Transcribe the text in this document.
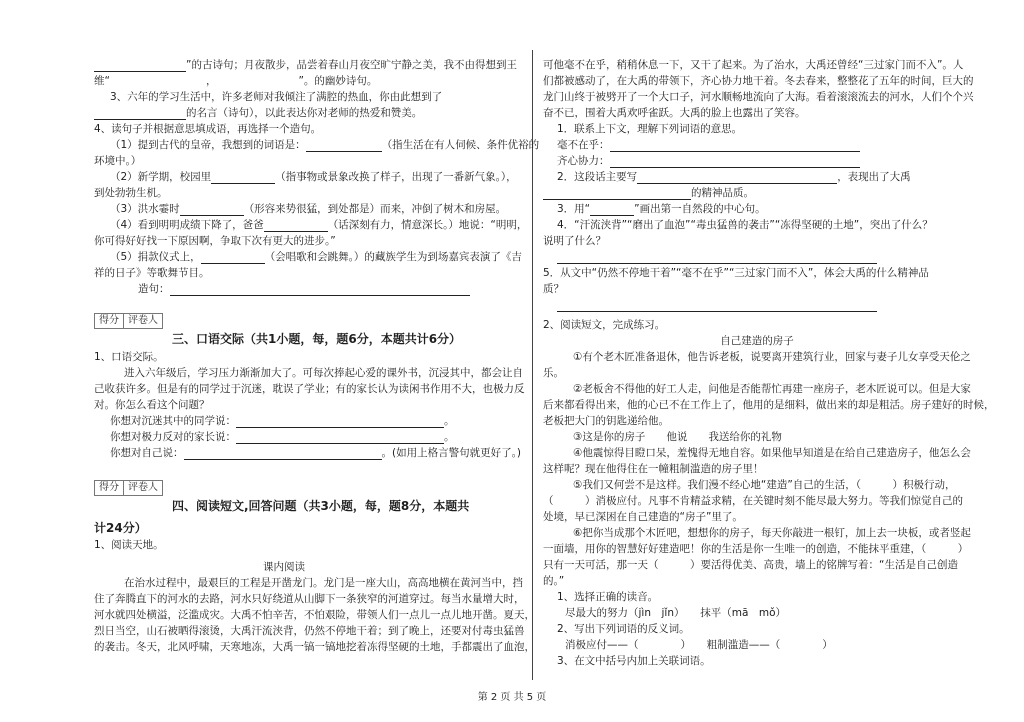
”的古诗句；月夜散步，品尝着春山月夜空旷宁静之美，我不由得想到王
维“	，	”。的幽妙诗句。
3、六年的学习生活中，许多老师对我倾注了满腔的热血，你由此想到了
的名言（诗句），以此表达你对老师的热爱和赞美。
4、读句子并根据意思填成语，再选择一个造句。
（1）提到古代的皇帝，我想到的词语是：	（指生活在有人伺候、条件优裕的
环境中。）
（2）新学期，校园里	（指事物或景象改换了样子，出现了一番新气象。），
到处勃勃生机。
（3）洪水霎时	（形容来势很猛，到处都是）而来，冲倒了树木和房屋。
（4）看到明明成绩下降了，爸爸	（话深刻有力，情意深长。）地说：“明明，
你可得好好找一下原因啊，争取下次有更大的进步。”
（5）捐款仪式上，	（会唱歌和会跳舞。）的藏族学生为到场嘉宾表演了《吉
祥的日子》等歌舞节目。
造句：
得分 评卷人
三、口语交际（共1小题，每，题6分，本题共计6分）
1、口语交际。
进入六年级后，学习压力渐渐加大了。可每次捧起心爱的课外书，沉浸其中，都会让自
己收获许多。但是有的同学过于沉迷，耽误了学业；有的家长认为读闲书作用不大，也极力反
对。你怎么看这个问题？
你想对沉迷其中的同学说：	。
你想对极力反对的家长说：	。
你想对自己说：	。(如用上格言警句就更好了。)
得分 评卷人
四、阅读短文,回答问题（共3小题，每，题8分，本题共
计24分）
1、阅读天地。
课内阅读
在治水过程中，最艰巨的工程是开凿龙门。龙门是一座大山，高高地横在黄河当中，挡
住了奔腾直下的河水的去路，河水只好绕道从山脚下一条狭窄的河道穿过。每当水量增大时，
河水就四处横溢，泛滥成灾。大禹不怕辛苦，不怕艰险，带领人们一点儿一点儿地开凿。夏天，
烈日当空，山石被晒得滚烫，大禹汗流浃背，仍然不停地干着；到了晚上，还要对付毒虫猛兽
的袭击。冬天，北风呼啸，天寒地冻，大禹一镐一镐地挖着冻得坚硬的土地，手都震出了血泡，
可他毫不在乎，稍稍休息一下，又干了起来。为了治水，大禹还曾经“三过家门而不入”。人
们都被感动了，在大禹的带领下，齐心协力地干着。冬去春来，整整花了五年的时间，巨大的
龙门山终于被劈开了一个大口子，河水顺畅地流向了大海。看着滚滚流去的河水，人们个个兴
奋不已，围着大禹欢呼雀跃。大禹的脸上也露出了笑容。
1．联系上下文，理解下列词语的意思。
毫不在乎：
齐心协力：
2．这段话主要写	，表现出了大禹
的精神品质。
3．用“	”画出第一自然段的中心句。
4．“汗流浃背”“磨出了血泡”“毒虫猛兽的袭击”“冻得坚硬的土地”，突出了什么？
说明了什么？
5．从文中“仍然不停地干着”“毫不在乎”“三过家门而不入”，体会大禹的什么精神品
质？
2、阅读短文，完成练习。
自己建造的房子
①有个老木匠准备退休，他告诉老板，说要离开建筑行业，回家与妻子儿女享受天伦之
乐。
②老板舍不得他的好工人走，问他是否能帮忙再建一座房子，老木匠说可以。但是大家
后来都看得出来，他的心已不在工作上了，他用的是细料，做出来的却是粗活。房子建好的时候，
老板把大门的钥匙递给他。
③这是你的房子　　他说　　我送给你的礼物
④他震惊得目瞪口呆，羞愧得无地自容。如果他早知道是在给自己建造房子，他怎么会
这样呢？现在他得住在一幢粗制滥造的房子里！
⑤我们又何尝不是这样。我们漫不经心地“建造”自己的生活，（　　　）积极行动，
（　　　）消极应付。凡事不肯精益求精，在关键时刻不能尽最大努力。等我们惊觉自己的
处境，早已深困在自己建造的“房子”里了。
⑥把你当成那个木匠吧，想想你的房子，每天你敲进一根钉，加上去一块板，或者竖起
一面墙，用你的智慧好好建造吧！你的生活是你一生唯一的创造，不能抹平重建，（　　　）
只有一天可活，那一天（　　　）要活得优美、高贵，墙上的铭牌写着：“生活是自己创造
的。”
1、选择正确的读音。
尽最大的努力（jìn　jǐn）　　抹平（mā　mǒ）
2、写出下列词语的反义词。
消极应付——（　　　　）　　粗制滥造——（　　　　）
3、在文中括号内加上关联词语。
第 2 页 共 5 页
